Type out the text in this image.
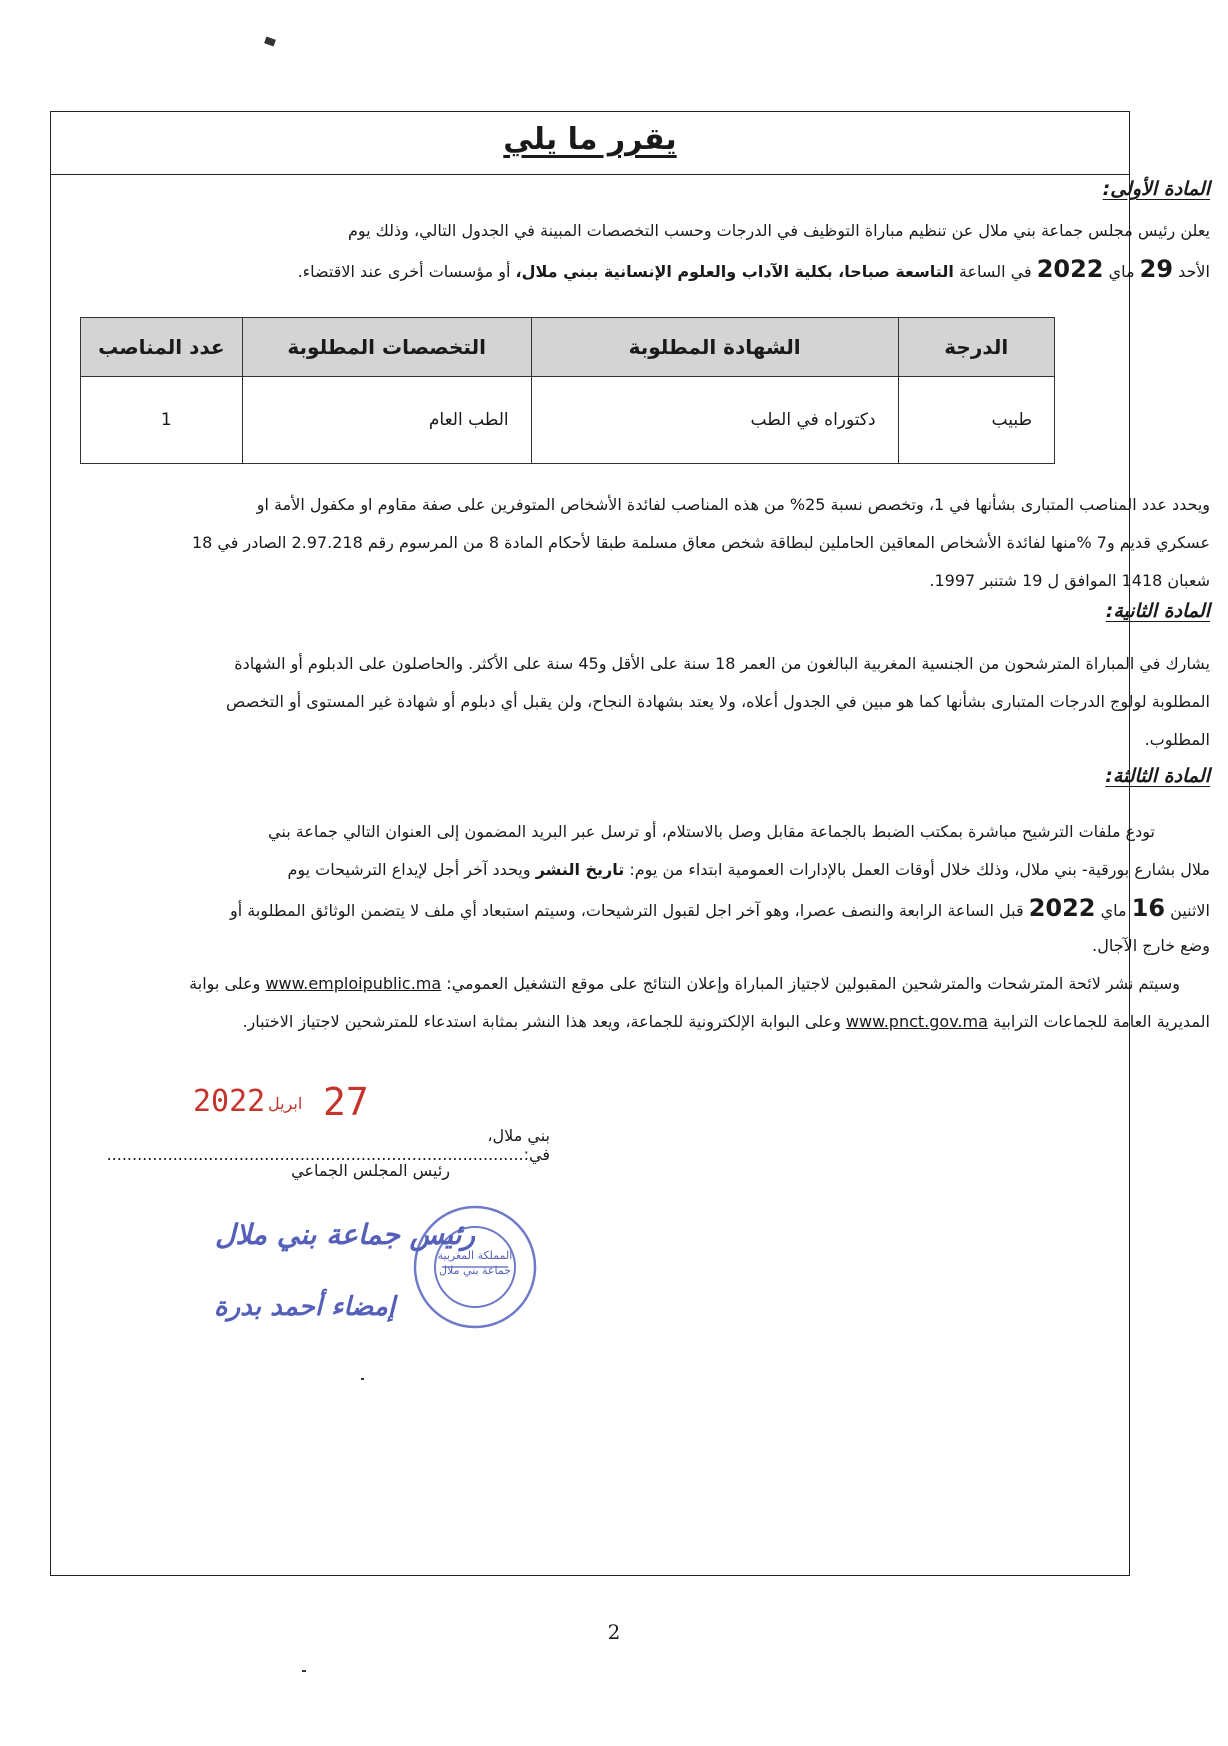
يقرر ما يلي
المادة الأولى:
يعلن رئيس مجلس جماعة بني ملال عن تنظيم مباراة التوظيف في الدرجات وحسب التخصصات المبينة في الجدول التالي، وذلك يوم
الأحد 29 ماي 2022 في الساعة التاسعة صباحا، بكلية الآداب والعلوم الإنسانية ببني ملال، أو مؤسسات أخرى عند الاقتضاء.
الدرجة	الشهادة المطلوبة	التخصصات المطلوبة	عدد المناصب
طبيب	دكتوراه في الطب	الطب العام	1
ويحدد عدد المناصب المتبارى بشأنها في 1، وتخصص نسبة 25% من هذه المناصب لفائدة الأشخاص المتوفرين على صفة مقاوم او مكفول الأمة او
عسكري قديم و7 %منها لفائدة الأشخاص المعاقين الحاملين لبطاقة شخص معاق مسلمة طبقا لأحكام المادة 8 من المرسوم رقم 2.97.218 الصادر في 18
شعبان 1418 الموافق ل 19 شتنبر 1997.
المادة الثانية:
يشارك في المباراة المترشحون من الجنسية المغربية البالغون من العمر 18 سنة على الأقل و45 سنة على الأكثر. والحاصلون على الدبلوم أو الشهادة
المطلوبة لولوج الدرجات المتبارى بشأنها كما هو مبين في الجدول أعلاه، ولا يعتد بشهادة النجاح، ولن يقبل أي دبلوم أو شهادة غير المستوى أو التخصص
المطلوب.
المادة الثالثة:
تودع ملفات الترشيح مباشرة بمكتب الضبط بالجماعة مقابل وصل بالاستلام، أو ترسل عبر البريد المضمون إلى العنوان التالي جماعة بني
ملال بشارع بورقية- بني ملال، وذلك خلال أوقات العمل بالإدارات العمومية ابتداء من يوم: تاريخ النشر ويحدد آخر أجل لإيداع الترشيحات يوم
الاثنين 16 ماي 2022 قبل الساعة الرابعة والنصف عصرا، وهو آخر اجل لقبول الترشيحات، وسيتم استبعاد أي ملف لا يتضمن الوثائق المطلوبة أو
وضع خارج الآجال.
وسيتم نشر لائحة المترشحات والمترشحين المقبولين لاجتياز المباراة وإعلان النتائج على موقع التشغيل العمومي: www.emploipublic.ma وعلى بوابة
المديرية العامة للجماعات الترابية www.pnct.gov.ma وعلى البوابة الإلكترونية للجماعة، ويعد هذا النشر بمثابة استدعاء للمترشحين لاجتياز الاختبار.
2022 ابريل 27
بني ملال، في:..................................................................................
رئيس المجلس الجماعي
المملكة المغربية جماعة بني ملال
رئيس جماعة بني ملال
إمضاء أحمد بدرة
2
